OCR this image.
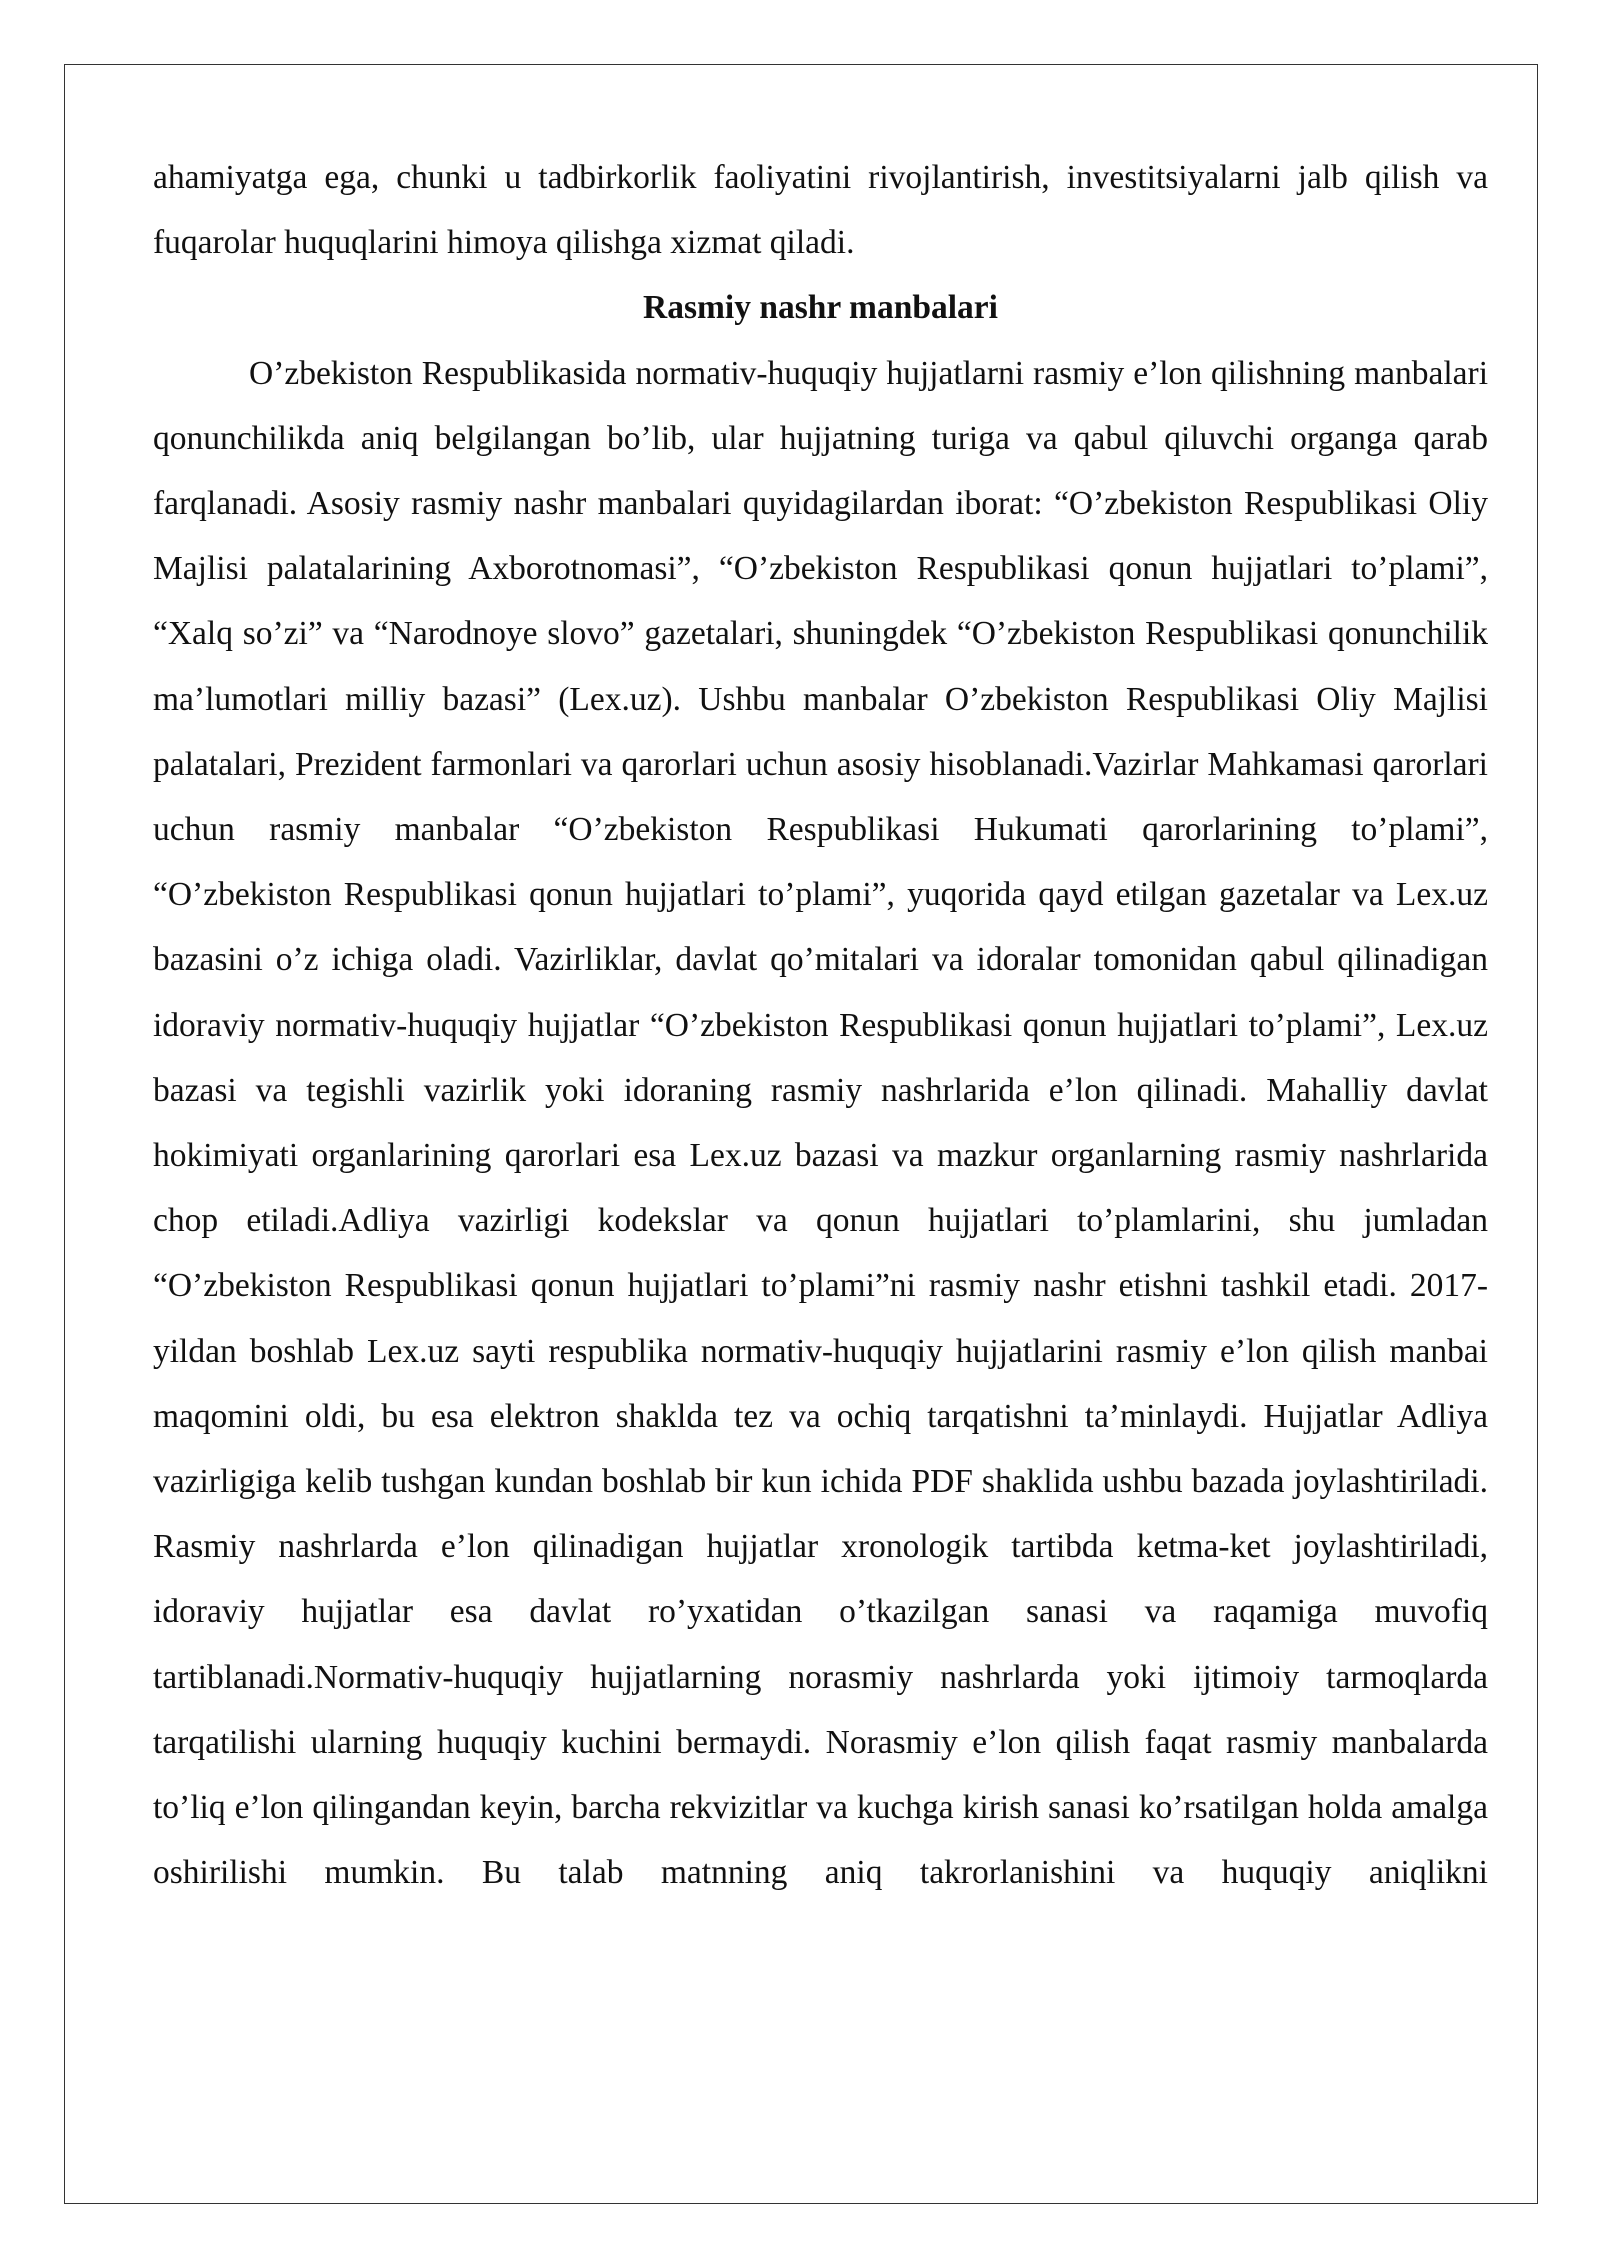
ahamiyatga ega, chunki u tadbirkorlik faoliyatini rivojlantirish, investitsiyalarni jalb qilish va fuqarolar huquqlarini himoya qilishga xizmat qiladi.

Rasmiy nashr manbalari

O’zbekiston Respublikasida normativ-huquqiy hujjatlarni rasmiy e’lon qilishning manbalari qonunchilikda aniq belgilangan bo’lib, ular hujjatning turiga va qabul qiluvchi organga qarab farqlanadi. Asosiy rasmiy nashr manbalari quyidagilardan iborat: “O’zbekiston Respublikasi Oliy Majlisi palatalarining Axborotnomasi”, “O’zbekiston Respublikasi qonun hujjatlari to’plami”, “Xalq so’zi” va “Narodnoye slovo” gazetalari, shuningdek “O’zbekiston Respublikasi qonunchilik ma’lumotlari milliy bazasi” (Lex.uz). Ushbu manbalar O’zbekiston Respublikasi Oliy Majlisi palatalari, Prezident farmonlari va qarorlari uchun asosiy hisoblanadi.Vazirlar Mahkamasi qarorlari uchun rasmiy manbalar “O’zbekiston Respublikasi Hukumati qarorlarining to’plami”, “O’zbekiston Respublikasi qonun hujjatlari to’plami”, yuqorida qayd etilgan gazetalar va Lex.uz bazasini o’z ichiga oladi. Vazirliklar, davlat qo’mitalari va idoralar tomonidan qabul qilinadigan idoraviy normativ-huquqiy hujjatlar “O’zbekiston Respublikasi qonun hujjatlari to’plami”, Lex.uz bazasi va tegishli vazirlik yoki idoraning rasmiy nashrlarida e’lon qilinadi. Mahalliy davlat hokimiyati organlarining qarorlari esa Lex.uz bazasi va mazkur organlarning rasmiy nashrlarida chop etiladi.Adliya vazirligi kodekslar va qonun hujjatlari to’plamlarini, shu jumladan “O’zbekiston Respublikasi qonun hujjatlari to’plami”ni rasmiy nashr etishni tashkil etadi. 2017-yildan boshlab Lex.uz sayti respublika normativ-huquqiy hujjatlarini rasmiy e’lon qilish manbai maqomini oldi, bu esa elektron shaklda tez va ochiq tarqatishni ta’minlaydi. Hujjatlar Adliya vazirligiga kelib tushgan kundan boshlab bir kun ichida PDF shaklida ushbu bazada joylashtiriladi. Rasmiy nashrlarda e’lon qilinadigan hujjatlar xronologik tartibda ketma-ket joylashtiriladi, idoraviy hujjatlar esa davlat ro’yxatidan o’tkazilgan sanasi va raqamiga muvofiq tartiblanadi.Normativ-huquqiy hujjatlarning norasmiy nashrlarda yoki ijtimoiy tarmoqlarda tarqatilishi ularning huquqiy kuchini bermaydi. Norasmiy e’lon qilish faqat rasmiy manbalarda to’liq e’lon qilingandan keyin, barcha rekvizitlar va kuchga kirish sanasi ko’rsatilgan holda amalga oshirilishi mumkin. Bu talab matnning aniq takrorlanishini va huquqiy aniqlikni
